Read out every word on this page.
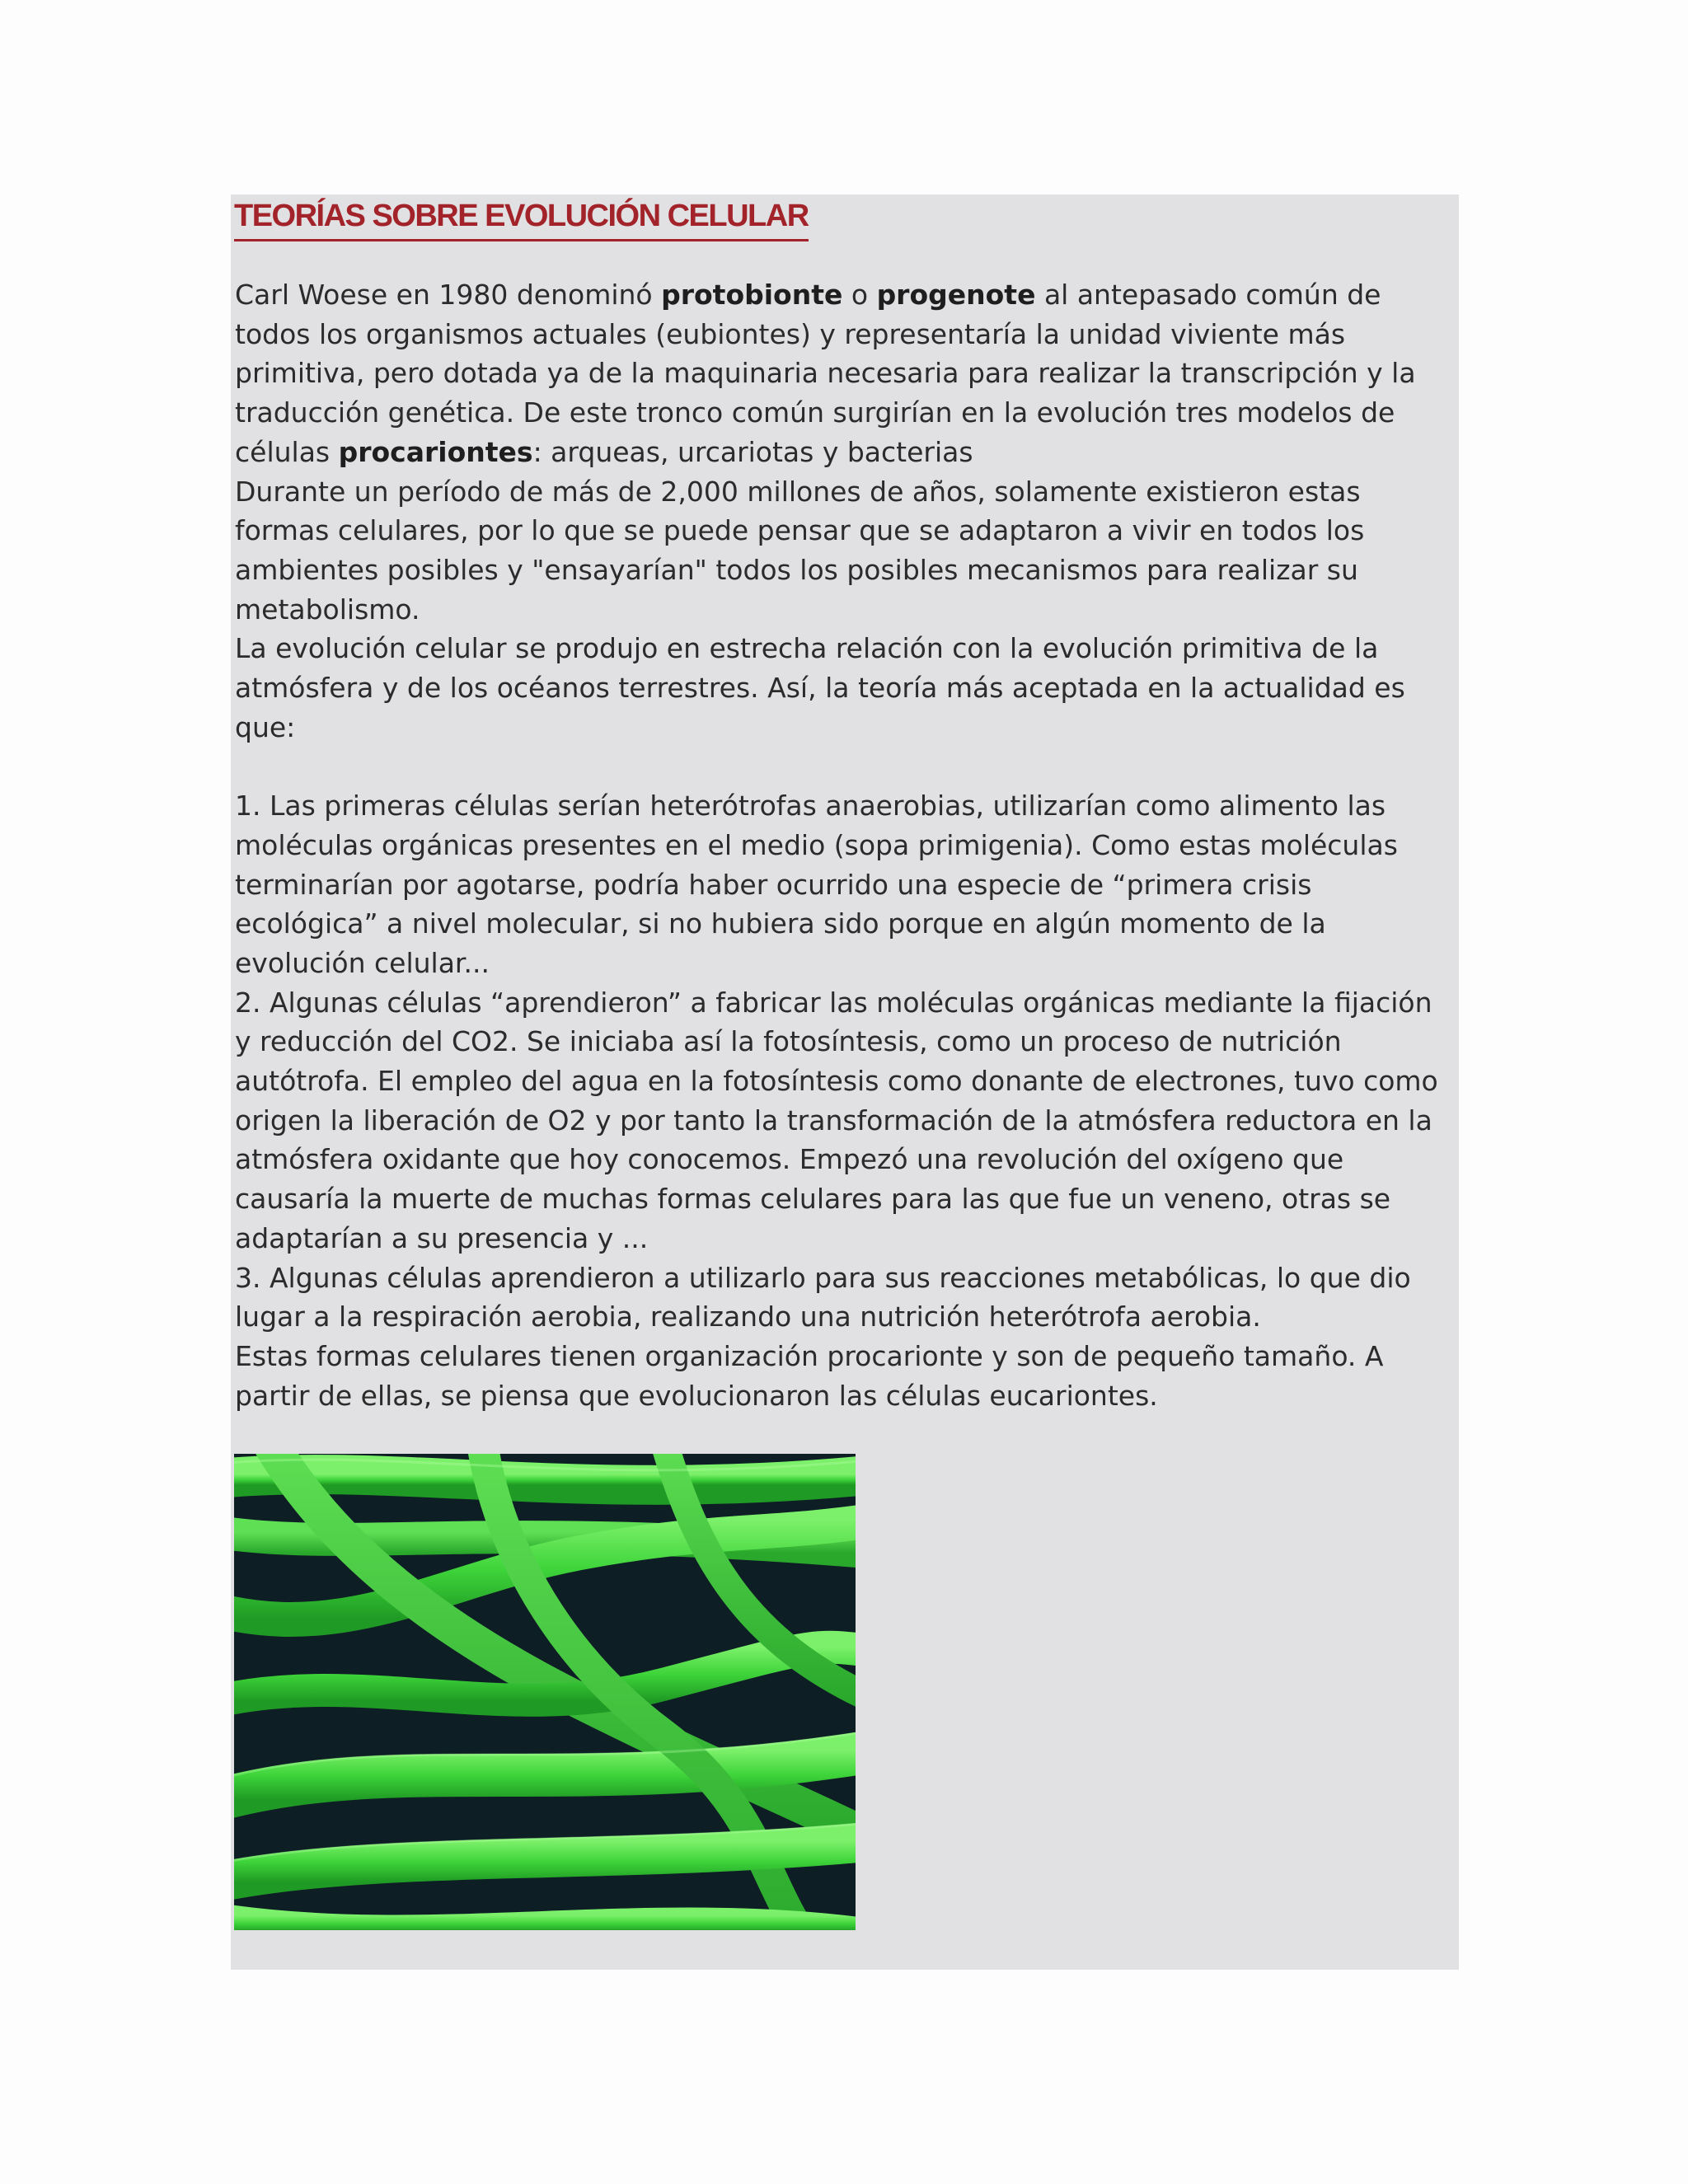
TEORÍAS SOBRE EVOLUCIÓN CELULAR

Carl Woese en 1980 denominó protobionte o progenote al antepasado común de todos los organismos actuales (eubiontes) y representaría la unidad viviente más primitiva, pero dotada ya de la maquinaria necesaria para realizar la transcripción y la traducción genética. De este tronco común surgirían en la evolución tres modelos de células procariontes: arqueas, urcariotas y bacterias

Durante un período de más de 2,000 millones de años, solamente existieron estas formas celulares, por lo que se puede pensar que se adaptaron a vivir en todos los ambientes posibles y "ensayarían" todos los posibles mecanismos para realizar su metabolismo.

La evolución celular se produjo en estrecha relación con la evolución primitiva de la atmósfera y de los océanos terrestres. Así, la teoría más aceptada en la actualidad es que:

1. Las primeras células serían heterótrofas anaerobias, utilizarían como alimento las moléculas orgánicas presentes en el medio (sopa primigenia). Como estas moléculas terminarían por agotarse, podría haber ocurrido una especie de “primera crisis ecológica” a nivel molecular, si no hubiera sido porque en algún momento de la evolución celular...

2. Algunas células “aprendieron” a fabricar las moléculas orgánicas mediante la fijación y reducción del CO2. Se iniciaba así la fotosíntesis, como un proceso de nutrición autótrofa. El empleo del agua en la fotosíntesis como donante de electrones, tuvo como origen la liberación de O2 y por tanto la transformación de la atmósfera reductora en la atmósfera oxidante que hoy conocemos. Empezó una revolución del oxígeno que causaría la muerte de muchas formas celulares para las que fue un veneno, otras se adaptarían a su presencia y ...

3. Algunas células aprendieron a utilizarlo para sus reacciones metabólicas, lo que dio lugar a la respiración aerobia, realizando una nutrición heterótrofa aerobia.

Estas formas celulares tienen organización procarionte y son de pequeño tamaño. A partir de ellas, se piensa que evolucionaron las células eucariontes.
